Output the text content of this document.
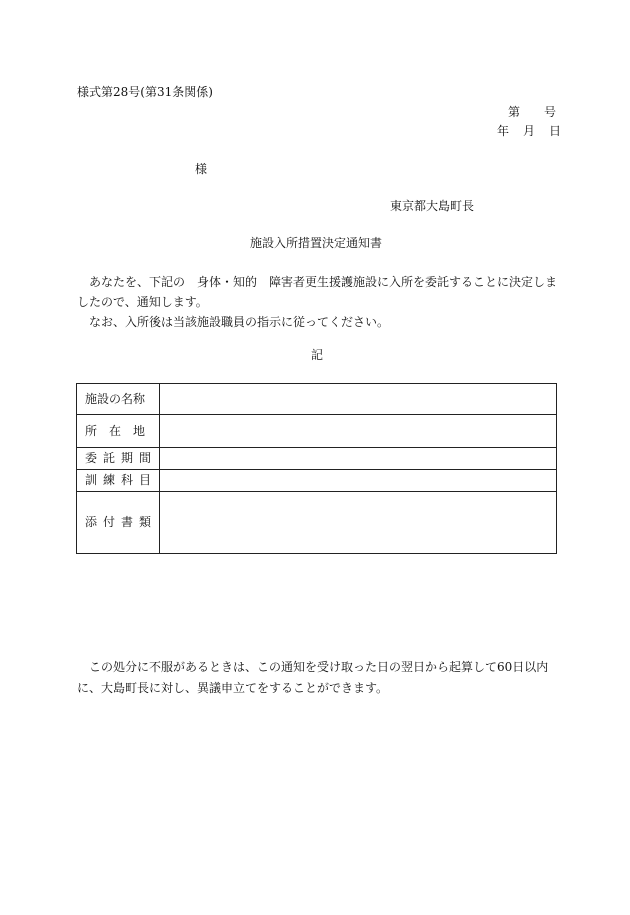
様式第28号(第31条関係)
第 号
年 月 日
様
東京都大島町長
施設入所措置決定通知書
あなたを、下記の　身体・知的　障害者更生援護施設に入所を委託することに決定しましたので、通知します。
なお、入所後は当該施設職員の指示に従ってください。
記
施設の名称	
所　在　地	
委託期間	
訓練科目	
添付書類	
この処分に不服があるときは、この通知を受け取った日の翌日から起算して60日以内に、大島町長に対し、異議申立てをすることができます。
